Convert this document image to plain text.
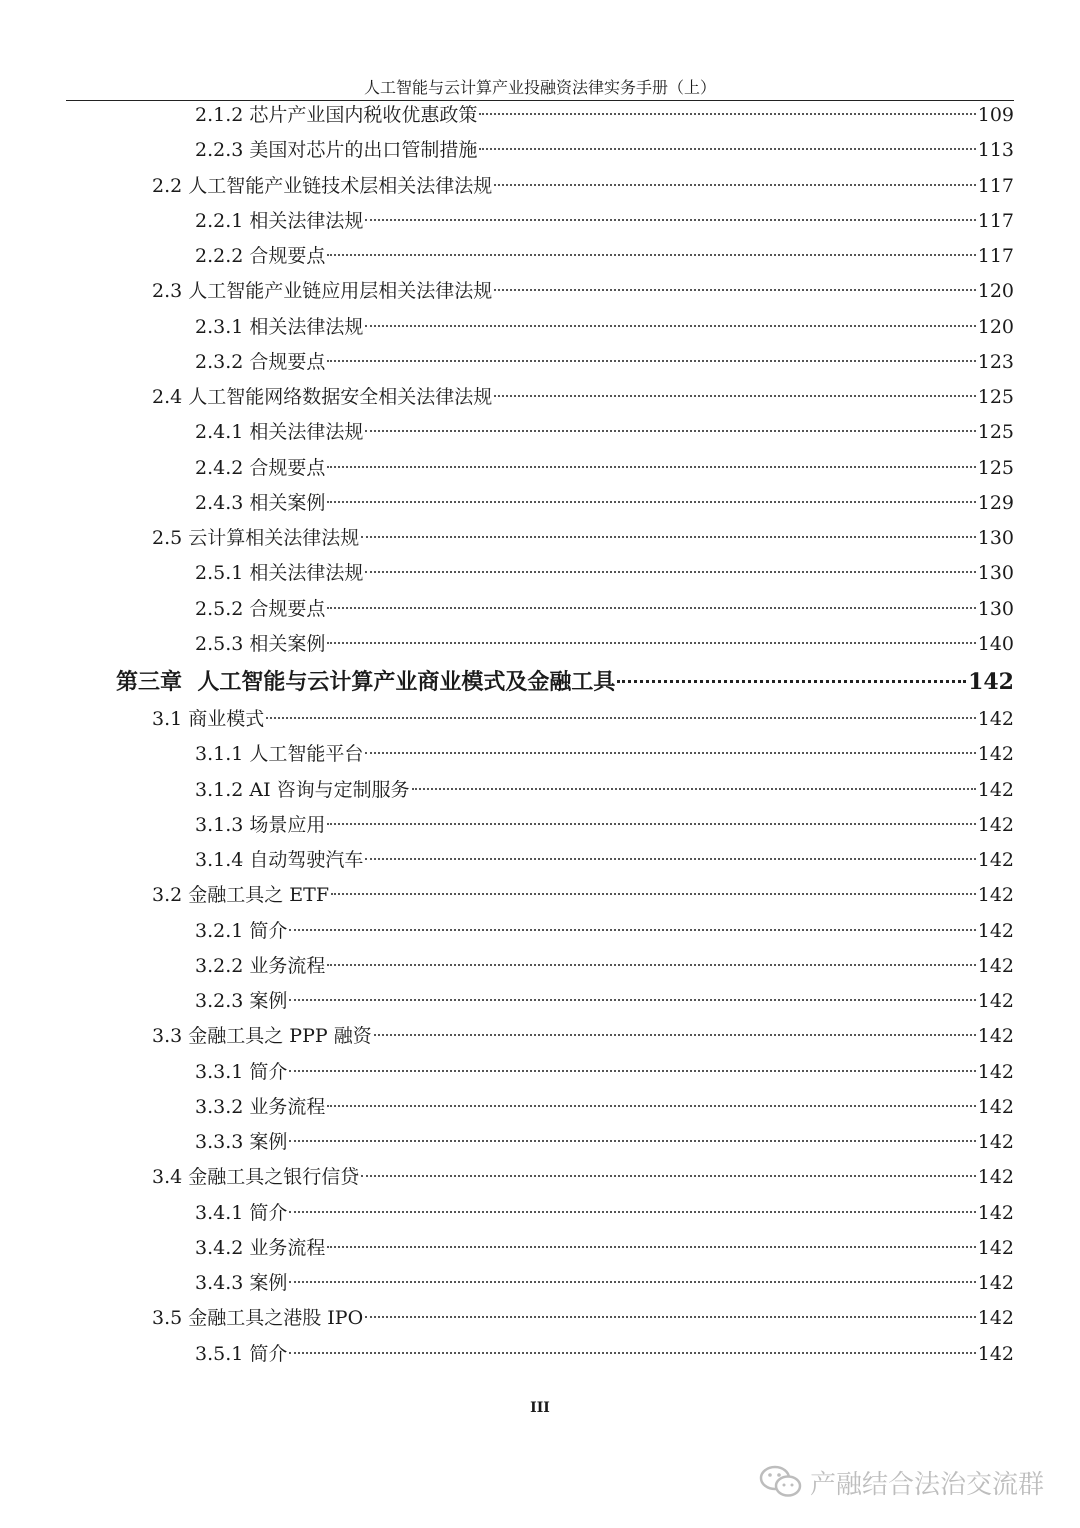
人工智能与云计算产业投融资法律实务手册（上）
2.1.2 芯片产业国内税收优惠政策	109
2.2.3 美国对芯片的出口管制措施	113
2.2 人工智能产业链技术层相关法律法规	117
2.2.1 相关法律法规	117
2.2.2 合规要点	117
2.3 人工智能产业链应用层相关法律法规	120
2.3.1 相关法律法规	120
2.3.2 合规要点	123
2.4 人工智能网络数据安全相关法律法规	125
2.4.1 相关法律法规	125
2.4.2 合规要点	125
2.4.3 相关案例	129
2.5 云计算相关法律法规	130
2.5.1 相关法律法规	130
2.5.2 合规要点	130
2.5.3 相关案例	140
第三章 人工智能与云计算产业商业模式及金融工具	142
3.1 商业模式	142
3.1.1 人工智能平台	142
3.1.2 AI 咨询与定制服务	142
3.1.3 场景应用	142
3.1.4 自动驾驶汽车	142
3.2 金融工具之 ETF	142
3.2.1 简介	142
3.2.2 业务流程	142
3.2.3 案例	142
3.3 金融工具之 PPP 融资	142
3.3.1 简介	142
3.3.2 业务流程	142
3.3.3 案例	142
3.4 金融工具之银行信贷	142
3.4.1 简介	142
3.4.2 业务流程	142
3.4.3 案例	142
3.5 金融工具之港股 IPO	142
3.5.1 简介	142
III
产融结合法治交流群
